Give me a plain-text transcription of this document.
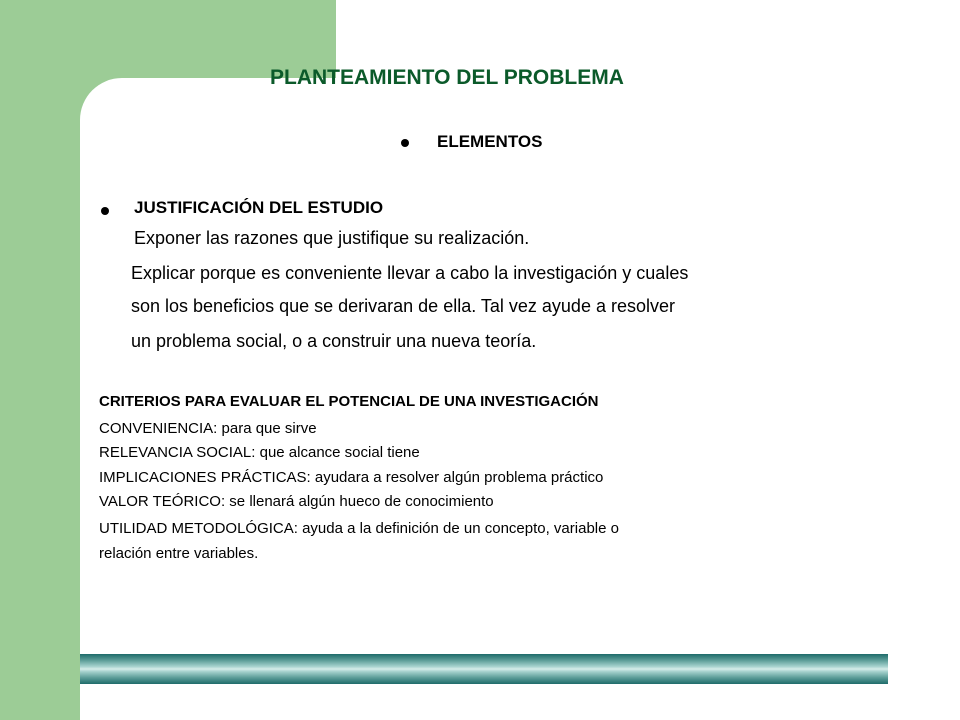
PLANTEAMIENTO DEL PROBLEMA

ELEMENTOS

JUSTIFICACIÓN DEL ESTUDIO

Exponer las razones que justifique su realización.

Explicar porque es conveniente llevar a cabo la investigación y cuales

son los beneficios que se derivaran de ella. Tal vez ayude a resolver

un problema social, o a construir una nueva teoría.

CRITERIOS PARA EVALUAR EL POTENCIAL DE UNA INVESTIGACIÓN

CONVENIENCIA: para que sirve

RELEVANCIA SOCIAL: que alcance social tiene

IMPLICACIONES PRÁCTICAS: ayudara a resolver algún problema práctico

VALOR TEÓRICO: se llenará algún hueco de conocimiento

UTILIDAD METODOLÓGICA: ayuda a la definición de un concepto, variable o

relación entre variables.
